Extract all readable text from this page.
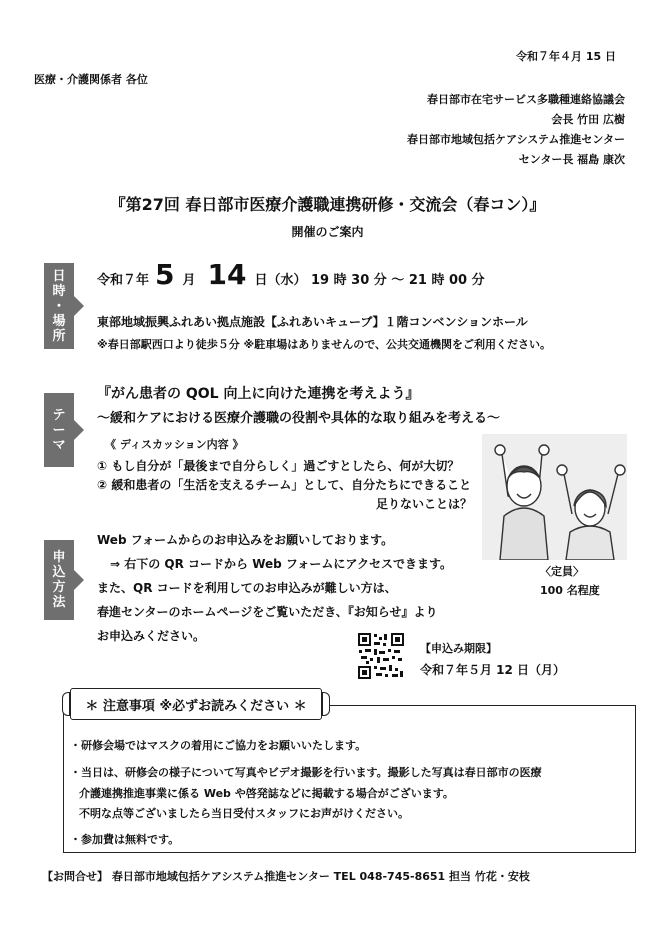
令和７年４月 15 日
医療・介護関係者 各位
春日部市在宅サービス多職種連絡協議会
会長 竹田 広樹
春日部市地域包括ケアシステム推進センター
センター長 福島 康次
『第27回 春日部市医療介護職連携研修・交流会（春コン）』
開催のご案内
日
時
・
場
所
令和７年 5 月 14 日（水） 19 時 30 分 ～ 21 時 00 分
東部地域振興ふれあい拠点施設【ふれあいキューブ】１階コンベンションホール
※春日部駅西口より徒歩５分 ※駐車場はありませんので、公共交通機関をご利用ください。
テ
ー
マ
『がん患者の QOL 向上に向けた連携を考えよう』
～緩和ケアにおける医療介護職の役割や具体的な取り組みを考える～
《 ディスカッション内容 》
① もし自分が「最後まで自分らしく」過ごすとしたら、何が大切？
② 緩和患者の「生活を支えるチーム」として、自分たちにできること
足りないことは？
〈定員〉
100 名程度
申
込
方
法
Web フォームからのお申込みをお願いしております。
⇒ 右下の QR コードから Web フォームにアクセスできます。
また、QR コードを利用してのお申込みが難しい方は、
春進センターのホームページをご覧いただき、『お知らせ』より
お申込みください。
【申込み期限】
令和７年５月 12 日（月）
＊ 注意事項 ※必ずお読みください ＊
・研修会場ではマスクの着用にご協力をお願いいたします。
・当日は、研修会の様子について写真やビデオ撮影を行います。撮影した写真は春日部市の医療
介護連携推進事業に係る Web や啓発誌などに掲載する場合がございます。
不明な点等ございましたら当日受付スタッフにお声がけください。
・参加費は無料です。
【お問合せ】 春日部市地域包括ケアシステム推進センター TEL 048-745-8651 担当 竹花・安枝
